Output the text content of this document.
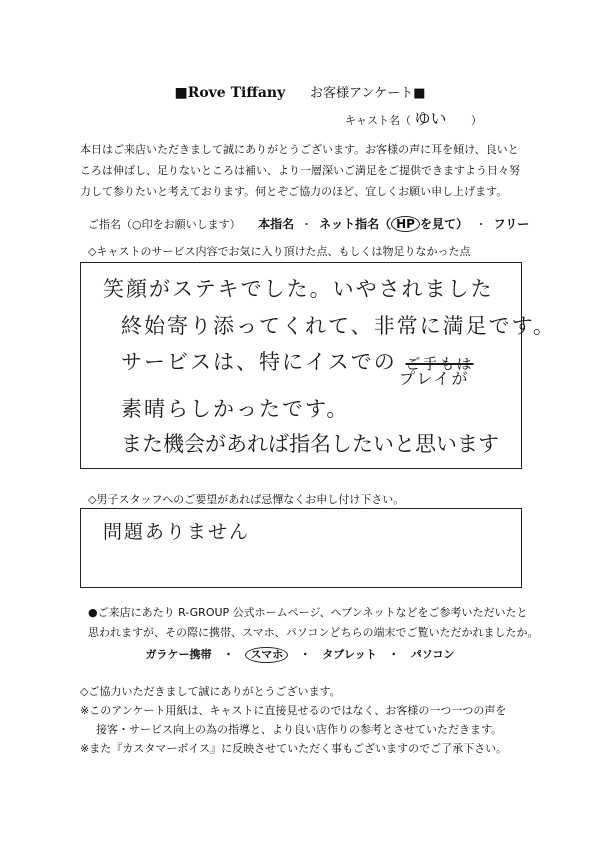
■Rove Tiffany お客様アンケート■
キャスト名（ ゆい ）
本日はご来店いただきまして誠にありがとうございます。お客様の声に耳を傾け、良いと
ころは伸ばし、足りないところは補い、より一層深いご満足をご提供できますよう日々努
力して参りたいと考えております。何とぞご協力のほど、宜しくお願い申し上げます。
ご指名（○印をお願いします） 本指名 ・ ネット指名（ HP を見て） ・ フリー
◇キャストのサービス内容でお気に入り頂けた点、もしくは物足りなかった点
笑顔がステキでした。いやされました
終始寄り添ってくれて、非常に満足です。
サービスは、特にイスでの ご手もは
プレイが
素晴らしかったです。
また機会があれば指名したいと思います
◇男子スタッフへのご要望があれば忌憚なくお申し付け下さい。
問題ありません
●ご来店にあたり R-GROUP 公式ホームページ、ヘブンネットなどをご参考いただいたと
思われますが、その際に携帯、スマホ、パソコンどちらの端末でご覧いただかれましたか。
ガラケー携帯 ・ スマホ ・ タブレット ・ パソコン
◇ご協力いただきまして誠にありがとうございます。
※このアンケート用紙は、キャストに直接見せるのではなく、お客様の一つ一つの声を
接客・サービス向上の為の指導と、より良い店作りの参考とさせていただきます。
※また『カスタマーボイス』に反映させていただく事もございますのでご了承下さい。
